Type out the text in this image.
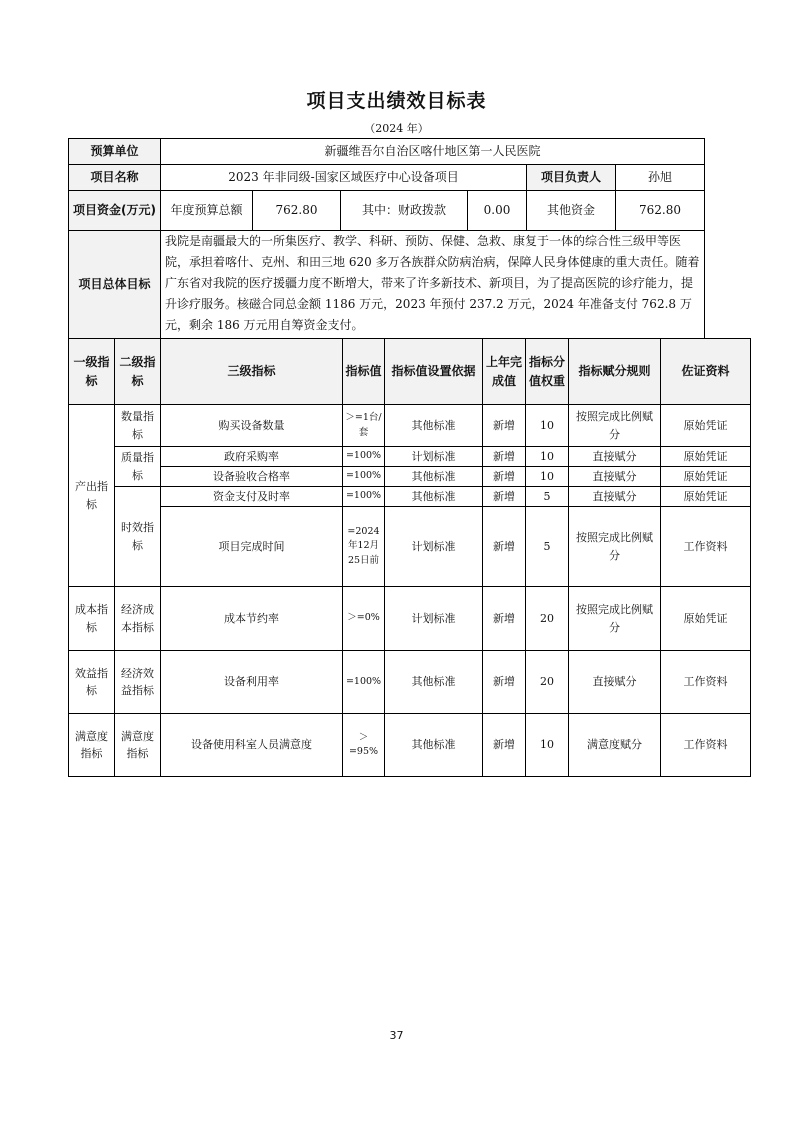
项目支出绩效目标表
（2024 年）
预算单位	新疆维吾尔自治区喀什地区第一人民医院					
项目名称	2023 年非同级-国家区域医疗中心设备项目				项目负责人	孙旭
项目资金(万元)	年度预算总额	762.80	其中：财政拨款	0.00	其他资金	762.80
项目总体目标	我院是南疆最大的一所集医疗、教学、科研、预防、保健、急救、康复于一体的综合性三级甲等医院，承担着喀什、克州、和田三地 620 多万各族群众防病治病，保障人民身体健康的重大责任。随着广东省对我院的医疗援疆力度不断增大，带来了许多新技术、新项目，为了提高医院的诊疗能力，提升诊疗服务。核磁合同总金额 1186 万元，2023 年预付 237.2 万元，2024 年准备支付 762.8 万元，剩余 186 万元用自筹资金支付。					
一级指标	二级指标	三级指标	指标值	指标值设置依据	上年完成值	指标分值权重	指标赋分规则	佐证资料
产出指标	数量指标	购买设备数量	＞=1台/套	其他标准	新增	10	按照完成比例赋分	原始凭证
	质量指标	政府采购率	=100%	计划标准	新增	10	直接赋分	原始凭证
		设备验收合格率	=100%	其他标准	新增	10	直接赋分	原始凭证
	时效指标	资金支付及时率	=100%	其他标准	新增	5	直接赋分	原始凭证
		项目完成时间	=2024年12月25日前	计划标准	新增	5	按照完成比例赋分	工作资料
成本指标	经济成本指标	成本节约率	＞=0%	计划标准	新增	20	按照完成比例赋分	原始凭证
效益指标	经济效益指标	设备利用率	=100%	其他标准	新增	20	直接赋分	工作资料
满意度指标	满意度指标	设备使用科室人员满意度	＞=95%	其他标准	新增	10	满意度赋分	工作资料
37
